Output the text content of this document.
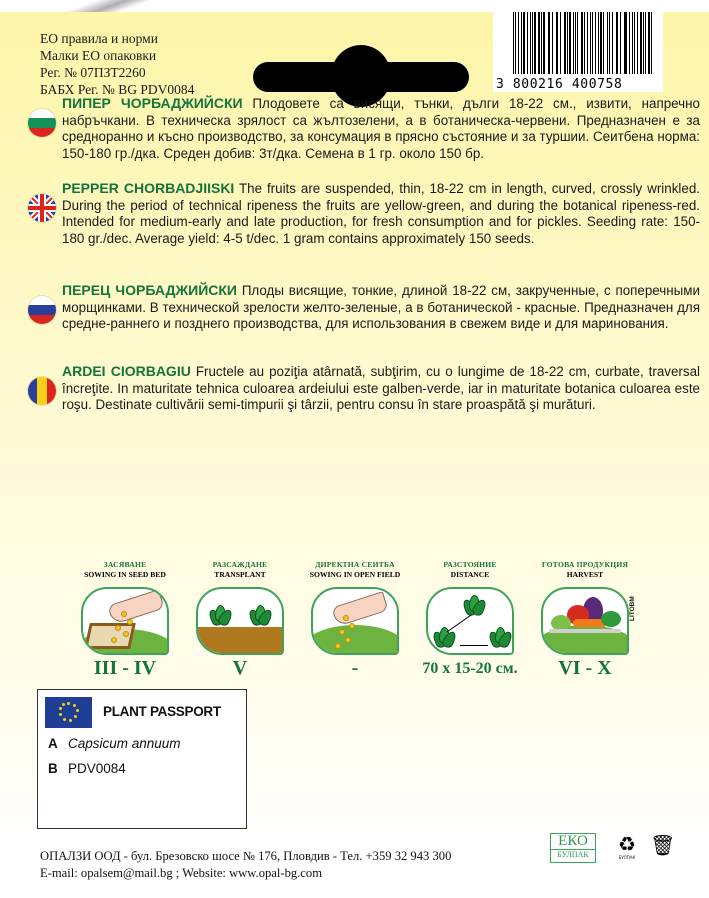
ЕО правила и норми
Малки ЕО опаковки
Рег. № 07ПЗТ2260
БАБХ Рег. № BG PDV0084
ПИПЕР ЧОРБАДЖИЙСКИ Плодовете са висящи, тънки, дълги 18-22 см., извити, напречно набръчкани. В техническа зрялост са жълтозелени, а в ботаническа-червени. Предназначен е за средноранно и късно производство, за консумация в прясно състояние и за туршии. Сеитбена норма: 150-180 гр./дка. Среден добив: 3т/дка. Семена в 1 гр. около 150 бр.
PEPPER CHORBADJIISKI The fruits are suspended, thin, 18-22 cm in length, curved, crossly wrinkled. During the period of technical ripeness the fruits are yellow-green, and during the botanical ripeness-red. Intended for medium-early and late production, for fresh consumption and for pickles. Seeding rate: 150-180 gr./dec. Average yield: 4-5 t/dec. 1 gram contains approximately 150 seeds.
ПЕРЕЦ ЧОРБАДЖИЙСКИ Плоды висящие, тонкие, длиной 18-22 см, закрученные, с поперечными морщинками. В технической зрелости желто-зеленые, а в ботанической - красные. Предназначен для средне-раннего и позднего производства, для использования в свежем виде и для маринования.
ARDEI CIORBAGIU Fructele au poziţia atârnată, subţirim, cu o lungime de 18-22 cm, curbate, traversal încreţite. In maturitate tehnica culoarea ardeiului este galben-verde, iar in maturitate botanica culoarea este roşu. Destinate cultivării semi-timpurii şi târzii, pentru consu în stare proaspătă şi murături.
ЗАСЯВАНЕ
SOWING IN SEED BED
III - IV
РАЗСАЖДАНЕ
TRANSPLANT
V
ДИРЕКТНА СЕИТБА
SOWING IN OPEN FIELD
-
РАЗСТОЯНИЕ
DISTANCE
70 x 15-20 см.
ГОТОВА ПРОДУКЦИЯ
HARVEST
VI - X
LITOBM
PLANT PASSPORT
A Capsicum annuum
B PDV0084
ОПАЛЗИ ООД - бул. Брезовско шосе № 176, Пловдив - Тел. +359 32 943 300
E-mail: opalsem@mail.bg ; Website: www.opal-bg.com
ЕКО
БУЛПАК	♻
БУЛПАК
🗑
3 800216 400758
